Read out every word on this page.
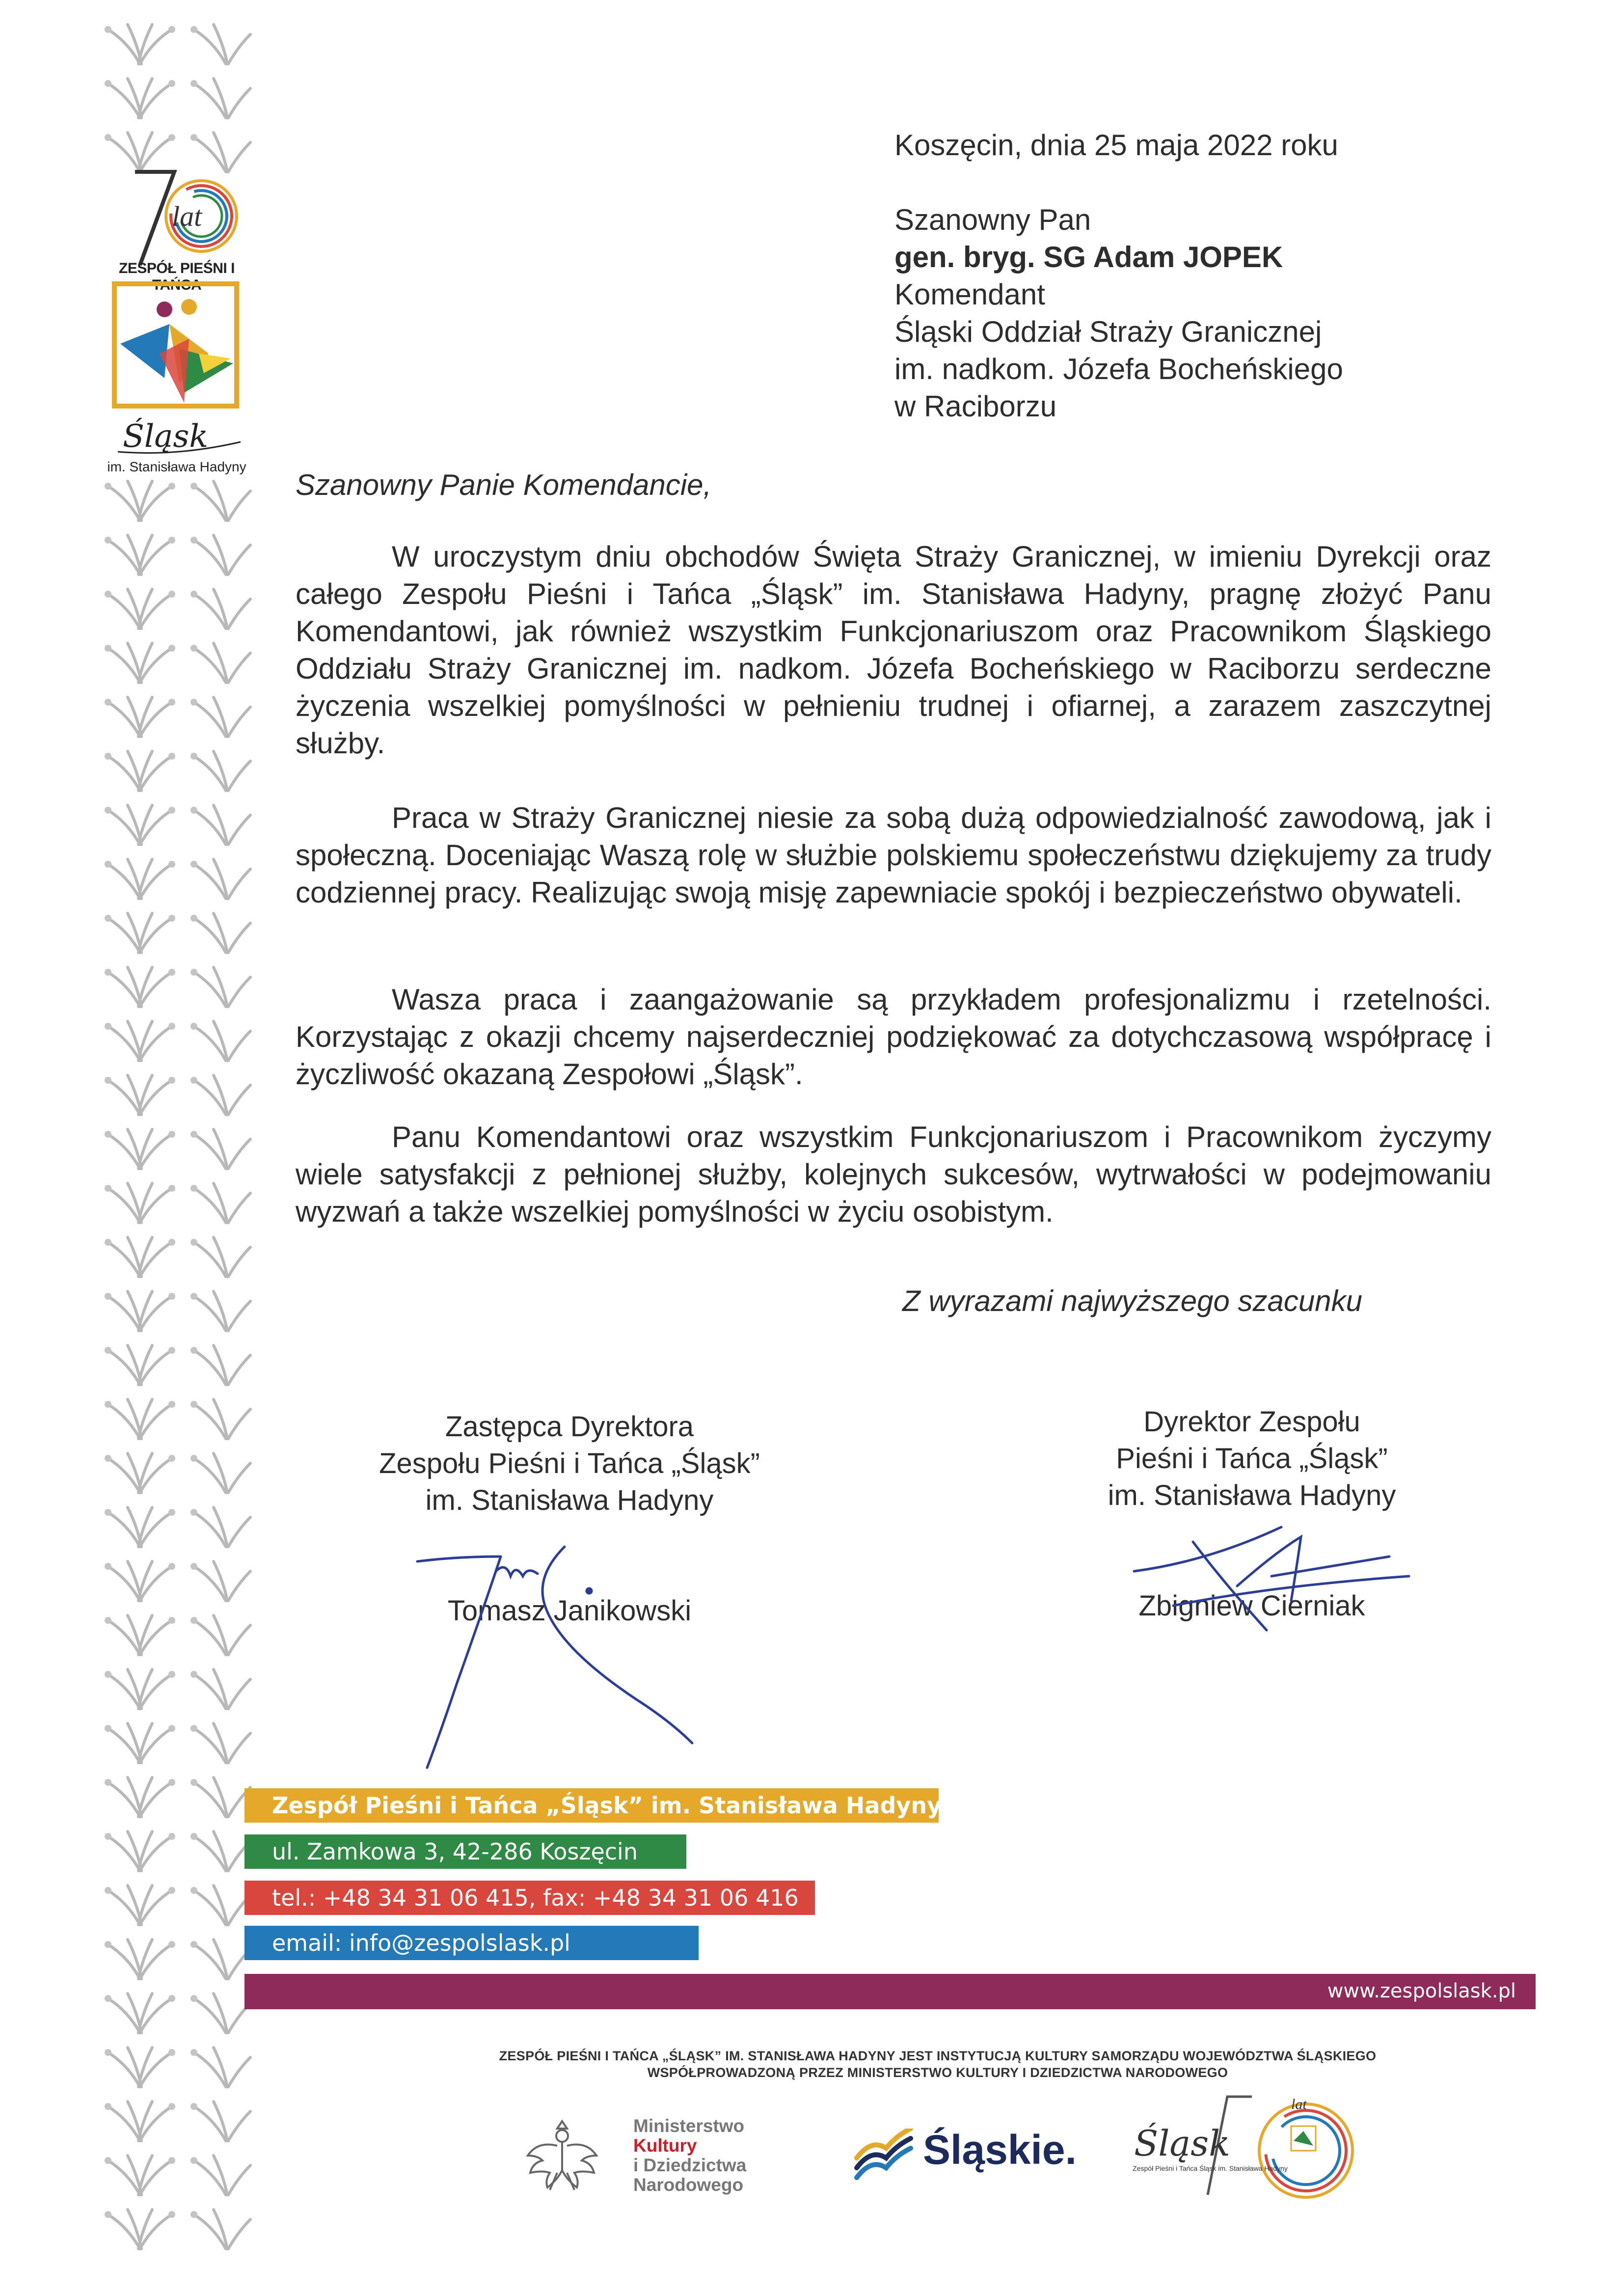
lat
ZESPÓŁ PIEŚNI I TAŃCA
Śląsk
im. Stanisława Hadyny
Koszęcin, dnia 25 maja 2022 roku
Szanowny Pan
gen. bryg. SG Adam JOPEK
Komendant
Śląski Oddział Straży Granicznej
im. nadkom. Józefa Bocheńskiego
w Raciborzu
Szanowny Panie Komendancie,

W uroczystym dniu obchodów Święta Straży Granicznej, w imieniu Dyrekcji oraz całego Zespołu Pieśni i Tańca „Śląsk” im. Stanisława Hadyny, pragnę złożyć Panu Komendantowi, jak również wszystkim Funkcjonariuszom oraz Pracownikom Śląskiego Oddziału Straży Granicznej im. nadkom. Józefa Bocheńskiego w Raciborzu serdeczne życzenia wszelkiej pomyślności w pełnieniu trudnej i ofiarnej, a zarazem zaszczytnej służby.

Praca w Straży Granicznej niesie za sobą dużą odpowiedzialność zawodową, jak i społeczną. Doceniając Waszą rolę w służbie polskiemu społeczeństwu dziękujemy za trudy codziennej pracy. Realizując swoją misję zapewniacie spokój i bezpieczeństwo obywateli.

Wasza praca i zaangażowanie są przykładem profesjonalizmu i rzetelności. Korzystając z okazji chcemy najserdeczniej podziękować za dotychczasową współpracę i życzliwość okazaną Zespołowi „Śląsk”.

Panu Komendantowi oraz wszystkim Funkcjonariuszom i Pracownikom życzymy wiele satysfakcji z pełnionej służby, kolejnych sukcesów, wytrwałości w podejmowaniu wyzwań a także wszelkiej pomyślności w życiu osobistym.

Z wyrazami najwyższego szacunku
Zastępca Dyrektora
Zespołu Pieśni i Tańca „Śląsk”
im. Stanisława Hadyny
Tomasz Janikowski
Dyrektor Zespołu
Pieśni i Tańca „Śląsk”
im. Stanisława Hadyny
Zbigniew Cierniak
Zespół Pieśni i Tańca „Śląsk” im. Stanisława Hadyny
ul. Zamkowa 3, 42-286 Koszęcin
tel.: +48 34 31 06 415, fax: +48 34 31 06 416
email: info@zespolslask.pl
www.zespolslask.pl
ZESPÓŁ PIEŚNI I TAŃCA „ŚLĄSK” IM. STANISŁAWA HADYNY JEST INSTYTUCJĄ KULTURY SAMORZĄDU WOJEWÓDZTWA ŚLĄSKIEGO
WSPÓŁPROWADZONĄ PRZEZ MINISTERSTWO KULTURY I DZIEDZICTWA NARODOWEGO
Ministerstwo
Kultury
i Dziedzictwa
Narodowego
Śląskie. Śląsk
lat
Zespół Pieśni i Tańca Śląsk im. Stanisława Hadyny
